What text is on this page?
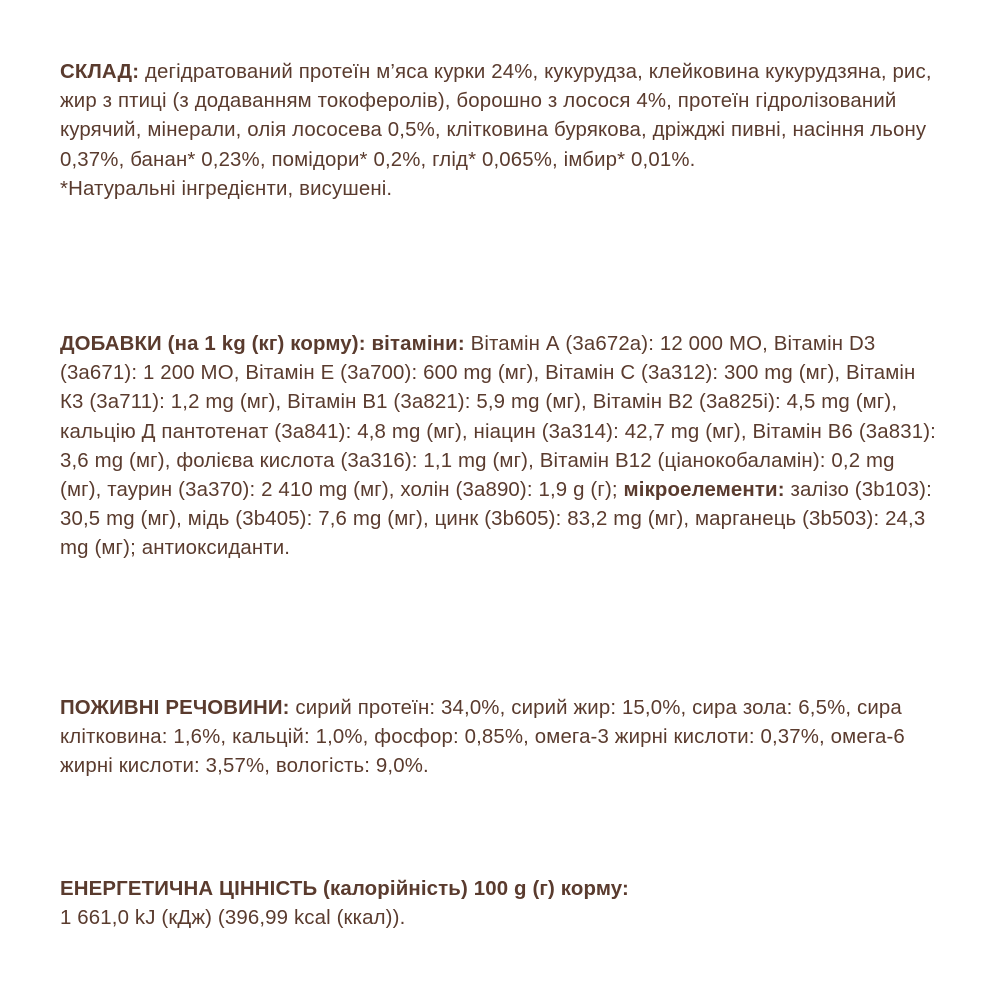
СКЛАД: дегідратований протеїн м’яса курки 24%, кукурудза, клейковина кукурудзяна, рис, жир з птиці (з додаванням токоферолів), борошно з лосося 4%, протеїн гідролізований курячий, мінерали, олія лососева 0,5%, клітковина бурякова, дріжджі пивні, насіння льону 0,37%, банан* 0,23%, помідори* 0,2%, глід* 0,065%, імбир* 0,01%.
*Натуральні інгредієнти, висушені.

ДОБАВКИ (на 1 kg (кг) корму): вітаміни: Вітамін А (3а672а): 12 000 МО, Вітамін D3 (3а671): 1 200 МО, Вітамін Е (3а700): 600 mg (мг), Вітамін С (3а312): 300 mg (мг), Вітамін К3 (3а711): 1,2 mg (мг), Вітамін В1 (3а821): 5,9 mg (мг), Вітамін В2 (3а825і): 4,5 mg (мг), кальцію Д пантотенат (3а841): 4,8 mg (мг), ніацин (3а314): 42,7 mg (мг), Вітамін В6 (3а831): 3,6 mg (мг), фолієва кислота (3а316): 1,1 mg (мг), Вітамін В12 (ціанокобаламін): 0,2 mg (мг), таурин (3а370): 2 410 mg (мг), холін (3а890): 1,9 g (г); мікроелементи: залізо (3b103): 30,5 mg (мг), мідь (3b405): 7,6 mg (мг), цинк (3b605): 83,2 mg (мг), марганець (3b503): 24,3 mg (мг); антиоксиданти.

ПОЖИВНІ РЕЧОВИНИ: сирий протеїн: 34,0%, сирий жир: 15,0%, сира зола: 6,5%, сира клітковина: 1,6%, кальцій: 1,0%, фосфор: 0,85%, омега-3 жирні кислоти: 0,37%, омега-6 жирні кислоти: 3,57%, вологість: 9,0%.

ЕНЕРГЕТИЧНА ЦІННІСТЬ (калорійність) 100 g (г) корму:
1 661,0 kJ (кДж) (396,99 kcal (ккал)).
